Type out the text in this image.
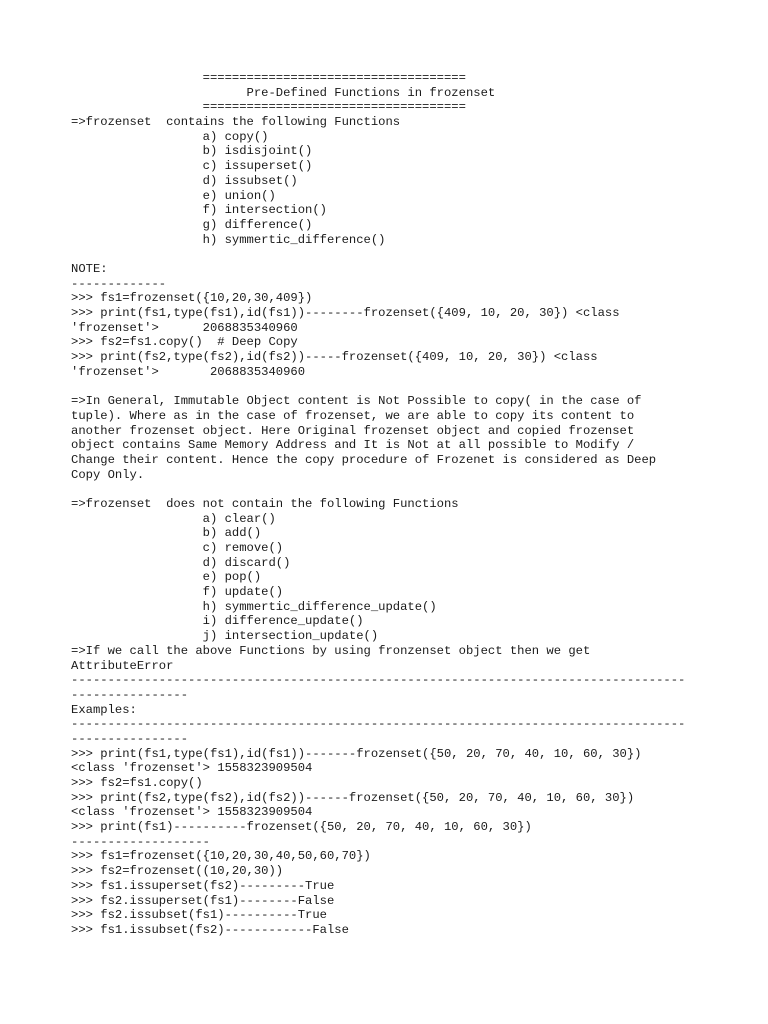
====================================
Pre-Defined Functions in frozenset
====================================
=>frozenset  contains the following Functions
a) copy()
b) isdisjoint()
c) issuperset()
d) issubset()
e) union()
f) intersection()
g) difference()
h) symmertic_difference()

NOTE:
-------------
>>> fs1=frozenset({10,20,30,409})
>>> print(fs1,type(fs1),id(fs1))--------frozenset({409, 10, 20, 30}) <class
'frozenset'>      2068835340960
>>> fs2=fs1.copy()  # Deep Copy
>>> print(fs2,type(fs2),id(fs2))-----frozenset({409, 10, 20, 30}) <class
'frozenset'>       2068835340960

=>In General, Immutable Object content is Not Possible to copy( in the case of
tuple). Where as in the case of frozenset, we are able to copy its content to
another frozenset object. Here Original frozenset object and copied frozenset
object contains Same Memory Address and It is Not at all possible to Modify /
Change their content. Hence the copy procedure of Frozenet is considered as Deep
Copy Only.

=>frozenset  does not contain the following Functions
a) clear()
b) add()
c) remove()
d) discard()
e) pop()
f) update()
h) symmertic_difference_update()
i) difference_update()
j) intersection_update()
=>If we call the above Functions by using fronzenset object then we get
AttributeError
------------------------------------------------------------------------------------
----------------
Examples:
------------------------------------------------------------------------------------
----------------
>>> print(fs1,type(fs1),id(fs1))-------frozenset({50, 20, 70, 40, 10, 60, 30})
<class 'frozenset'> 1558323909504
>>> fs2=fs1.copy()
>>> print(fs2,type(fs2),id(fs2))------frozenset({50, 20, 70, 40, 10, 60, 30})
<class 'frozenset'> 1558323909504
>>> print(fs1)----------frozenset({50, 20, 70, 40, 10, 60, 30})
-------------------
>>> fs1=frozenset({10,20,30,40,50,60,70})
>>> fs2=frozenset((10,20,30))
>>> fs1.issuperset(fs2)---------True
>>> fs2.issuperset(fs1)--------False
>>> fs2.issubset(fs1)----------True
>>> fs1.issubset(fs2)------------False
